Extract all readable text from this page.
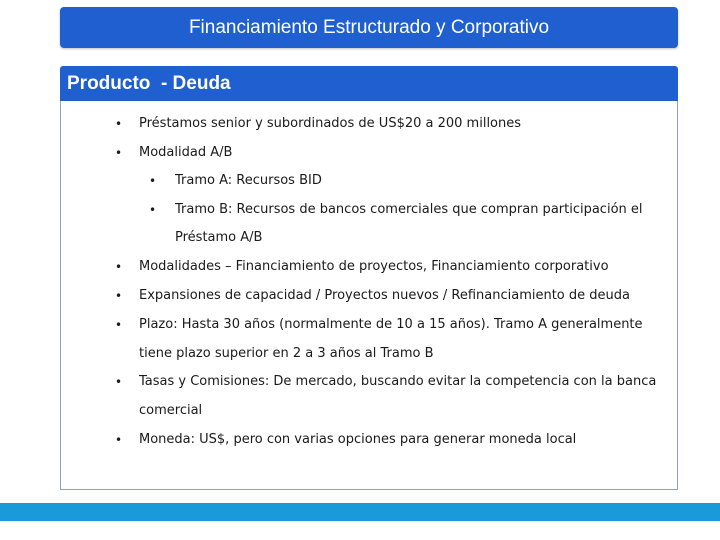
Financiamiento Estructurado y Corporativo
Producto  - Deuda
• Préstamos senior y subordinados de US$20 a 200 millones
• Modalidad A/B
• Tramo A: Recursos BID
• Tramo B: Recursos de bancos comerciales que compran participación el
Préstamo A/B
• Modalidades – Financiamiento de proyectos, Financiamiento corporativo
• Expansiones de capacidad / Proyectos nuevos / Refinanciamiento de deuda
• Plazo: Hasta 30 años (normalmente de 10 a 15 años). Tramo A generalmente
tiene plazo superior en 2 a 3 años al Tramo B
• Tasas y Comisiones: De mercado, buscando evitar la competencia con la banca
comercial
• Moneda: US$, pero con varias opciones para generar moneda local
